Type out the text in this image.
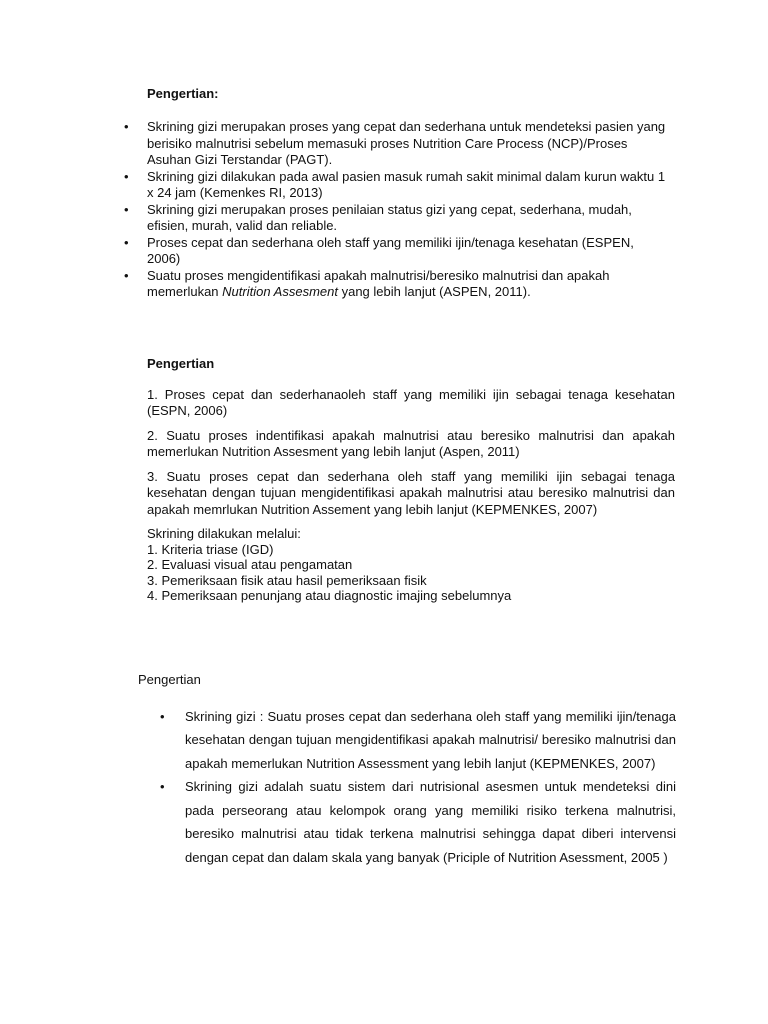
Pengertian:
• Skrining gizi merupakan proses yang cepat dan sederhana untuk mendeteksi pasien yang berisiko malnutrisi sebelum memasuki proses Nutrition Care Process (NCP)/Proses Asuhan Gizi Terstandar (PAGT).
• Skrining gizi dilakukan pada awal pasien masuk rumah sakit minimal dalam kurun waktu 1 x 24 jam (Kemenkes RI, 2013)
• Skrining gizi merupakan proses penilaian status gizi yang cepat, sederhana, mudah, efisien, murah, valid dan reliable.
• Proses cepat dan sederhana oleh staff yang memiliki ijin/tenaga kesehatan (ESPEN, 2006)
• Suatu proses mengidentifikasi apakah malnutrisi/beresiko malnutrisi dan apakah memerlukan Nutrition Assesment yang lebih lanjut (ASPEN, 2011).

Pengertian

1. Proses cepat dan sederhanaoleh staff yang memiliki ijin sebagai tenaga kesehatan (ESPN, 2006)

2. Suatu proses indentifikasi apakah malnutrisi atau beresiko malnutrisi dan apakah memerlukan Nutrition Assesment yang lebih lanjut (Aspen, 2011)

3. Suatu proses cepat dan sederhana oleh staff yang memiliki ijin sebagai tenaga kesehatan dengan tujuan mengidentifikasi apakah malnutrisi atau beresiko malnutrisi dan apakah memrlukan Nutrition Assement yang lebih lanjut (KEPMENKES, 2007)

Skrining dilakukan melalui:
1. Kriteria triase (IGD)
2. Evaluasi visual atau pengamatan
3. Pemeriksaan fisik atau hasil pemeriksaan fisik
4. Pemeriksaan penunjang atau diagnostic imajing sebelumnya
Pengertian
• Skrining gizi : Suatu proses cepat dan sederhana oleh staff yang memiliki ijin/tenaga kesehatan dengan tujuan mengidentifikasi apakah malnutrisi/ beresiko malnutrisi dan apakah memerlukan Nutrition Assessment yang lebih lanjut (KEPMENKES, 2007)
• Skrining gizi adalah suatu sistem dari nutrisional asesmen untuk mendeteksi dini pada perseorang atau kelompok orang yang memiliki risiko terkena malnutrisi, beresiko malnutrisi atau tidak terkena malnutrisi sehingga dapat diberi intervensi dengan cepat dan dalam skala yang banyak (Priciple of Nutrition Asessment, 2005 )
